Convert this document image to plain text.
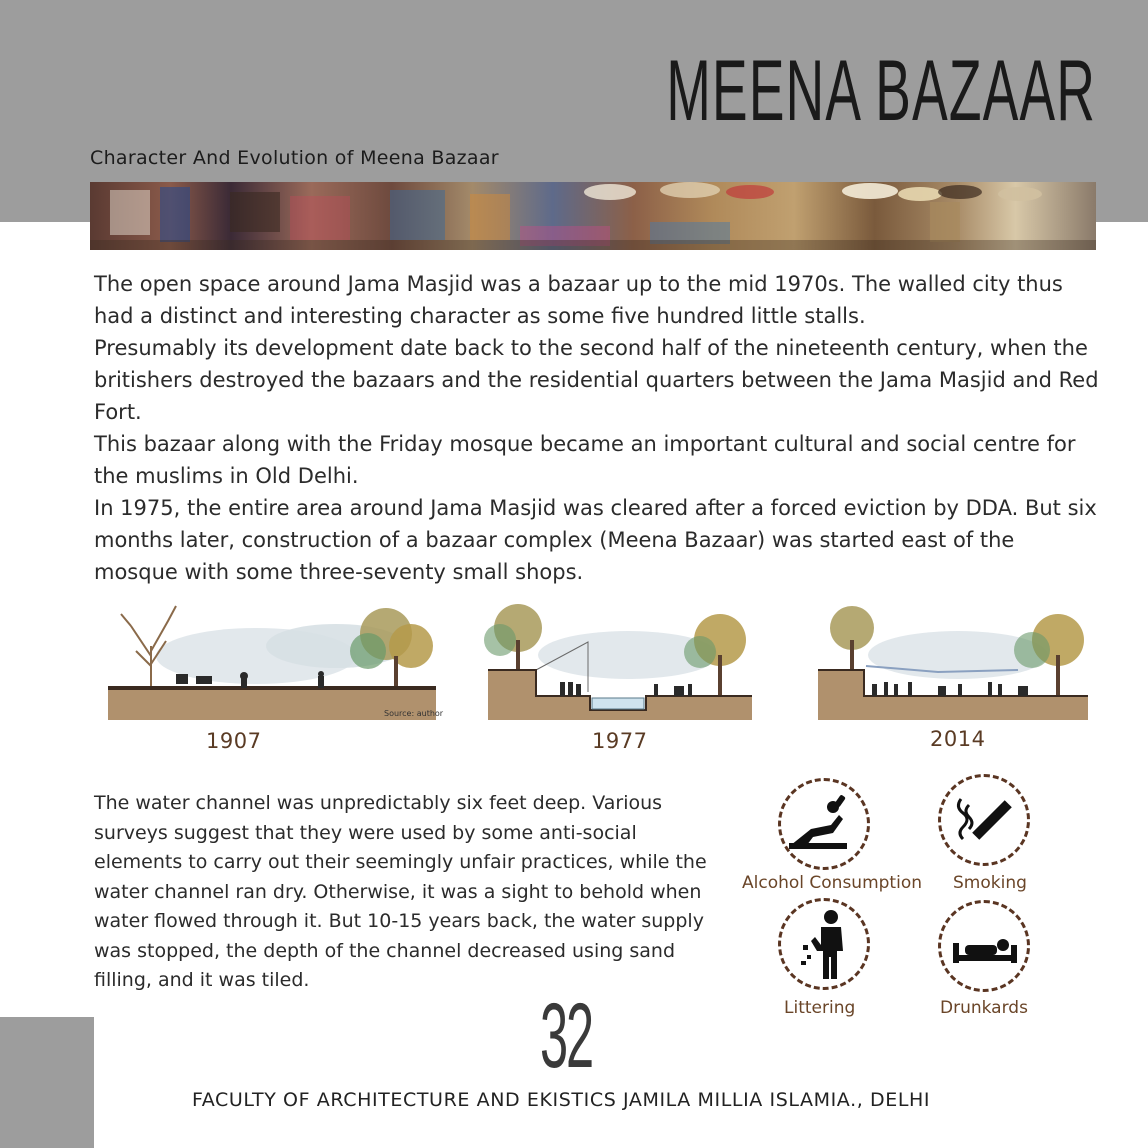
MEENA BAZAAR
Character And Evolution of Meena Bazaar

The open space around Jama Masjid was a bazaar up to the mid 1970s. The walled city thus had a distinct and interesting character as some five hundred little stalls.

Presumably its development date back to the second half of the nineteenth century, when the britishers destroyed the bazaars and the residential quarters between the Jama Masjid and Red Fort.

This bazaar along with the Friday mosque became an important cultural and social centre for the muslims in Old Delhi.

In 1975, the entire area around Jama Masjid was cleared after a forced eviction by DDA. But six months later, construction of a bazaar complex (Meena Bazaar) was started east of the mosque with some three-seventy small shops.

Source: author
1907	1977	2014

The water channel was unpredictably six feet deep. Various surveys suggest that they were used by some anti-social elements to carry out their seemingly unfair practices, while the water channel ran dry. Otherwise, it was a sight to behold when water flowed through it. But 10-15 years back, the water supply was stopped, the depth of the channel decreased using sand filling, and it was tiled.

Alcohol Consumption Smoking
Littering	Drunkards
32
FACULTY OF ARCHITECTURE AND EKISTICS JAMILA MILLIA ISLAMIA., DELHI
